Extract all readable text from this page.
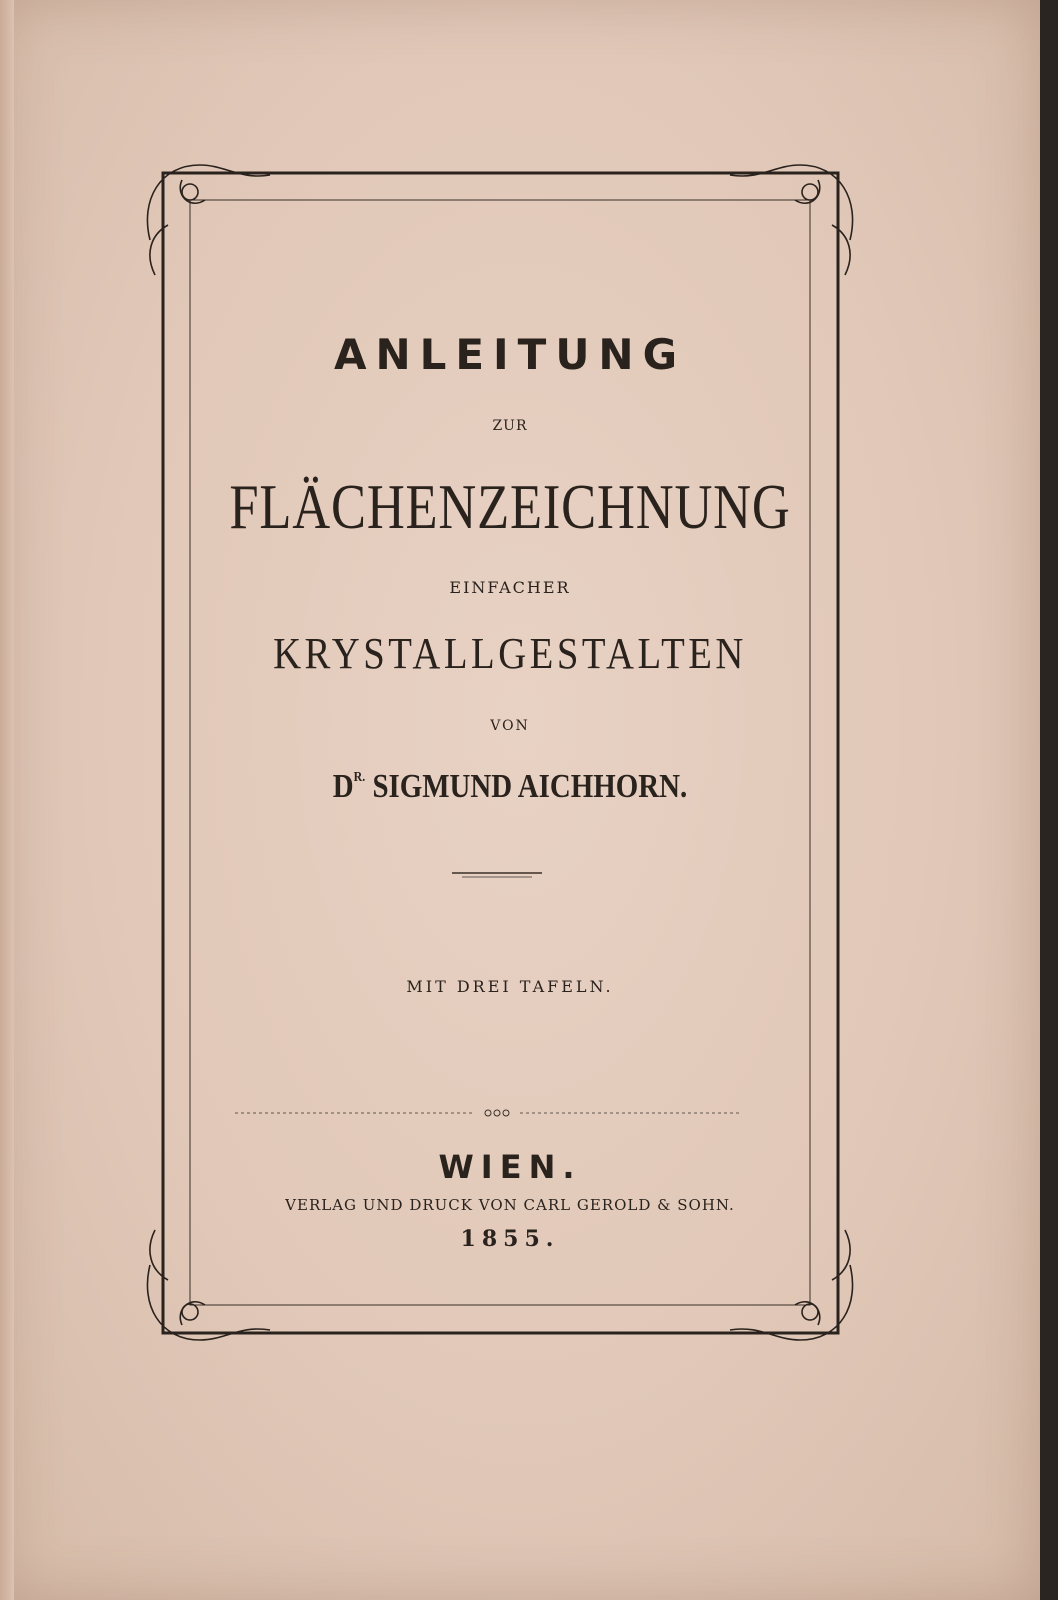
ANLEITUNG
ZUR
FLÄCHENZEICHNUNG
EINFACHER
KRYSTALLGESTALTEN
VON
$D^{R.}$ SIGMUND AICHHORN.
MIT DREI TAFELN.
WIEN.
VERLAG UND DRUCK VON CARL GEROLD & SOHN.
1855.
